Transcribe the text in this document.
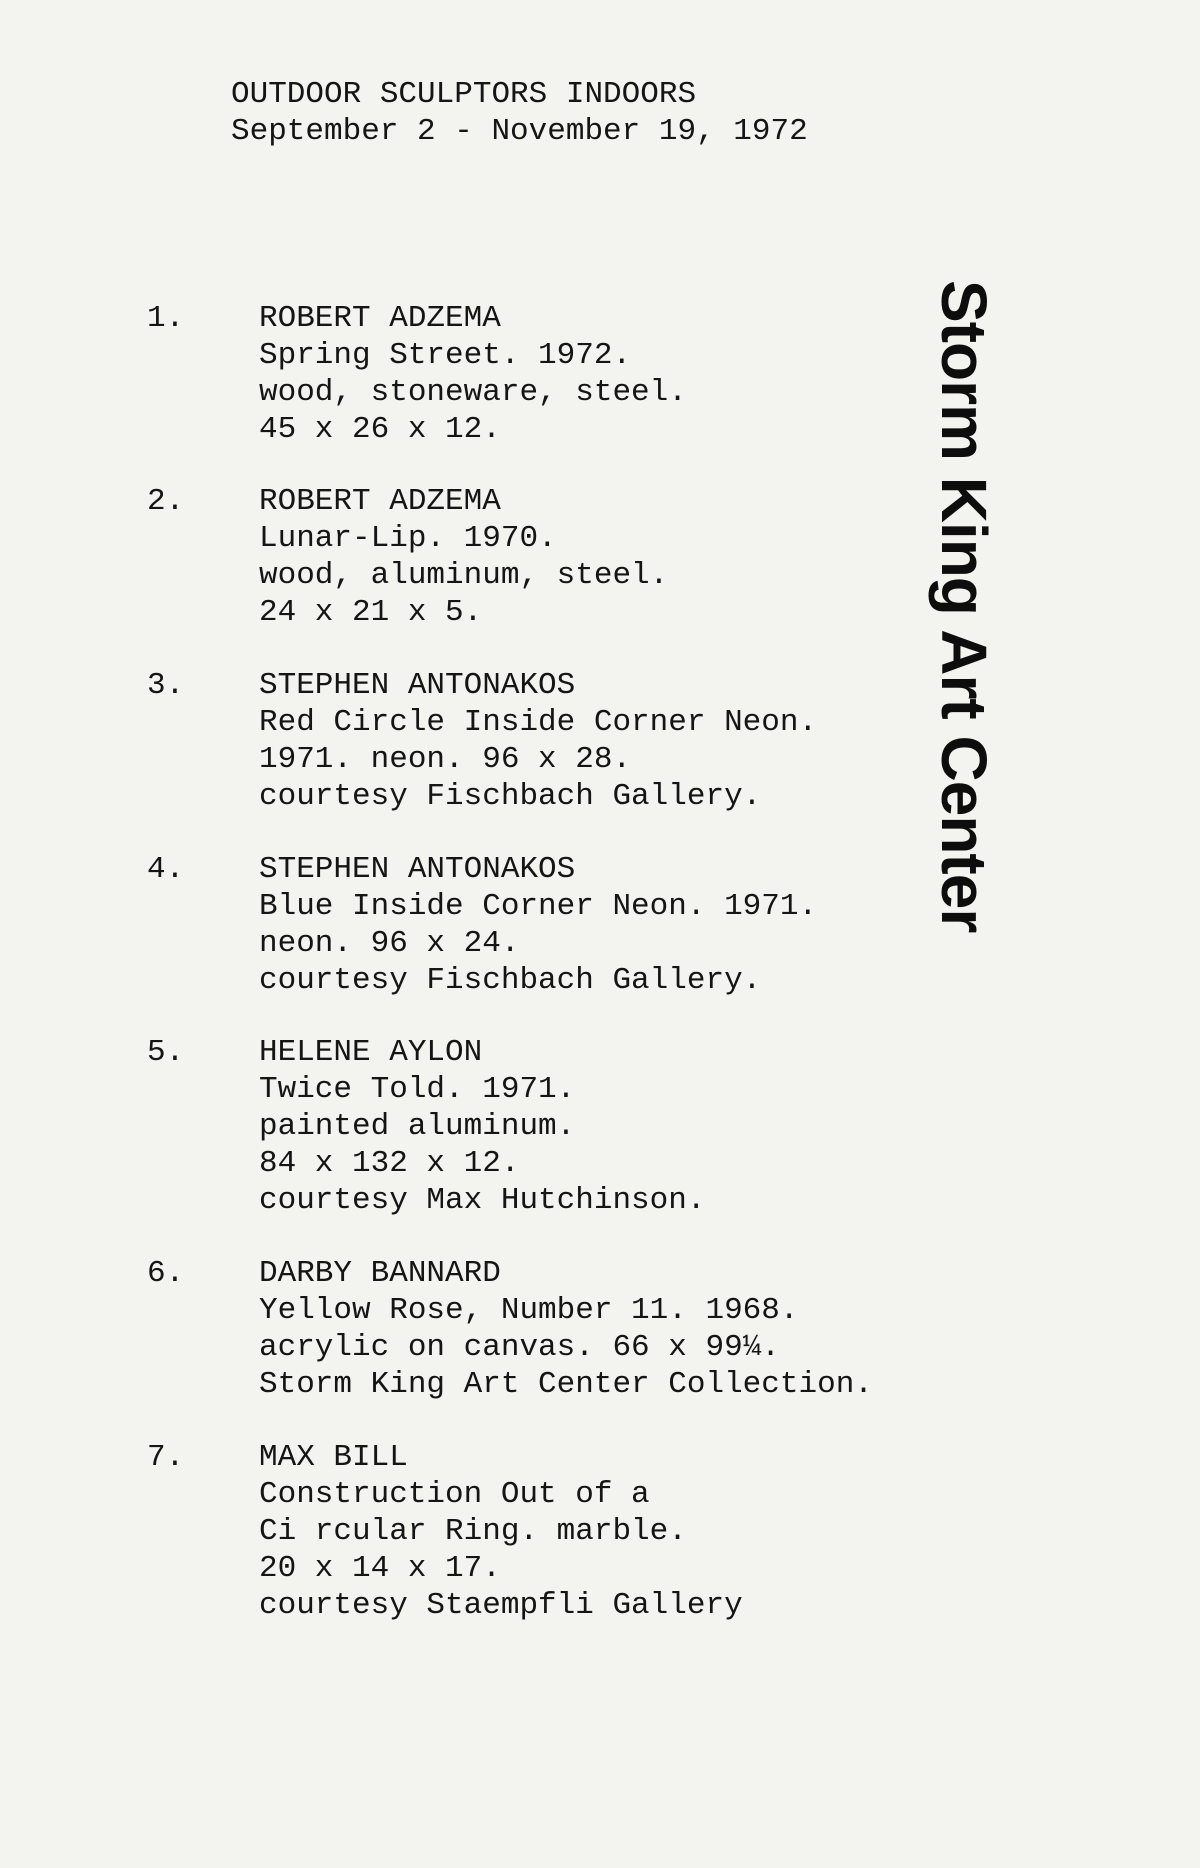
OUTDOOR SCULPTORS INDOORS
September 2 - November 19, 1972
1.	ROBERT ADZEMA
Spring Street. 1972.
wood, stoneware, steel.
45 x 26 x 12.
2.	ROBERT ADZEMA
Lunar-Lip. 1970.
wood, aluminum, steel.
24 x 21 x 5.
3.	STEPHEN ANTONAKOS
Red Circle Inside Corner Neon.
1971. neon. 96 x 28.
courtesy Fischbach Gallery.
4.	STEPHEN ANTONAKOS
Blue Inside Corner Neon. 1971.
neon. 96 x 24.
courtesy Fischbach Gallery.
5.	HELENE AYLON
Twice Told. 1971.
painted aluminum.
84 x 132 x 12.
courtesy Max Hutchinson.
6.	DARBY BANNARD
Yellow Rose, Number 11. 1968.
acrylic on canvas. 66 x 99¼.
Storm King Art Center Collection.
7.	MAX BILL
Construction Out of a
Ci rcular Ring. marble.
20 x 14 x 17.
courtesy Staempfli Gallery
Storm King Art Center
